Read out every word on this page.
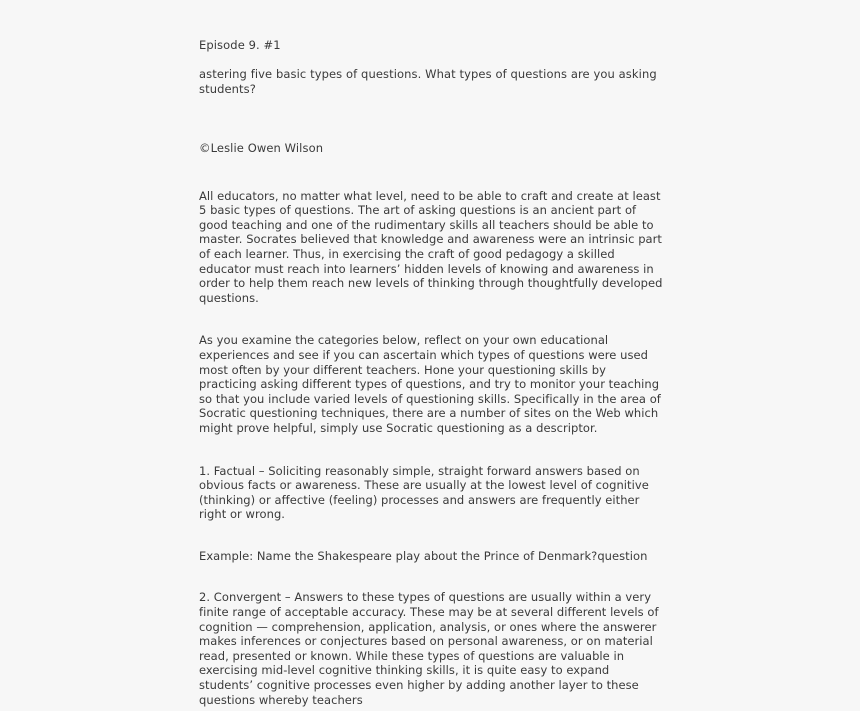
Episode 9. #1

astering five basic types of questions. What types of questions are you asking students?

©Leslie Owen Wilson

All educators, no matter what level, need to be able to craft and create at least 5 basic types of questions. The art of asking questions is an ancient part of good teaching and one of the rudimentary skills all teachers should be able to master. Socrates believed that knowledge and awareness were an intrinsic part of each learner. Thus, in exercising the craft of good pedagogy a skilled educator must reach into learners’ hidden levels of knowing and awareness in order to help them reach new levels of thinking through thoughtfully developed questions.

As you examine the categories below, reflect on your own educational experiences and see if you can ascertain which types of questions were used most often by your different teachers. Hone your questioning skills by practicing asking different types of questions, and try to monitor your teaching so that you include varied levels of questioning skills. Specifically in the area of Socratic questioning techniques, there are a number of sites on the Web which might prove helpful, simply use Socratic questioning as a descriptor.

1. Factual – Soliciting reasonably simple, straight forward answers based on obvious facts or awareness. These are usually at the lowest level of cognitive (thinking) or affective (feeling) processes and answers are frequently either right or wrong.

Example: Name the Shakespeare play about the Prince of Denmark?question

2. Convergent – Answers to these types of questions are usually within a very finite range of acceptable accuracy. These may be at several different levels of cognition — comprehension, application, analysis, or ones where the answerer makes inferences or conjectures based on personal awareness, or on material read, presented or known. While these types of questions are valuable in exercising mid-level cognitive thinking skills, it is quite easy to expand students’ cognitive processes even higher by adding another layer to these questions whereby teachers
